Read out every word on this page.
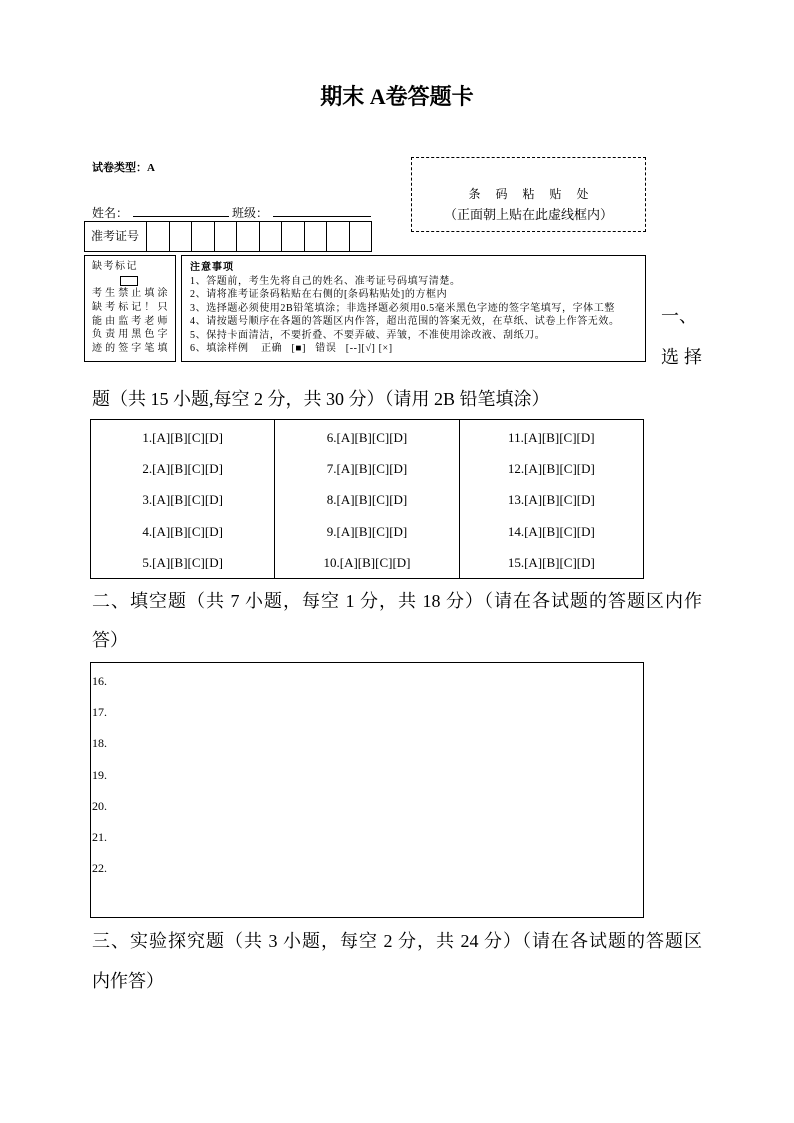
期末 A卷答题卡
试卷类型：A
条 码 粘 贴 处
（正面朝上贴在此虚线框内）
姓名：	班级：
准考证号
缺考标记
考生禁止填涂
缺考标记！只
能由监考老师
负责用黑色字
迹的签字笔填
注意事项
1、答题前，考生先将自己的姓名、准考证号码填写清楚。
2、请将准考证条码粘贴在右侧的[条码粘贴处]的方框内
3、选择题必须使用2B铅笔填涂；非选择题必须用0.5毫米黑色字迹的签字笔填写，字体工整
4、请按题号顺序在各题的答题区内作答，超出范围的答案无效，在草纸、试卷上作答无效。
5、保持卡面清洁，不要折叠、不要弄破、弄皱，不准使用涂改液、刮纸刀。
6、填涂样例    正确   [■]   错误   [--][√] [×]
一、
选择
题（共 15 小题,每空 2 分，共 30 分）（请用 2B 铅笔填涂）
1.[A][B][C][D]
2.[A][B][C][D]
3.[A][B][C][D]
4.[A][B][C][D]
5.[A][B][C][D]
6.[A][B][C][D]
7.[A][B][C][D]
8.[A][B][C][D]
9.[A][B][C][D]
10.[A][B][C][D]
11.[A][B][C][D]
12.[A][B][C][D]
13.[A][B][C][D]
14.[A][B][C][D]
15.[A][B][C][D]
二、填空题（共 7 小题，每空 1 分，共 18 分）（请在各试题的答题区内作
答）
16.
17.
18.
19.
20.
21.
22.
三、实验探究题（共 3 小题，每空 2 分，共 24 分）（请在各试题的答题区
内作答）
